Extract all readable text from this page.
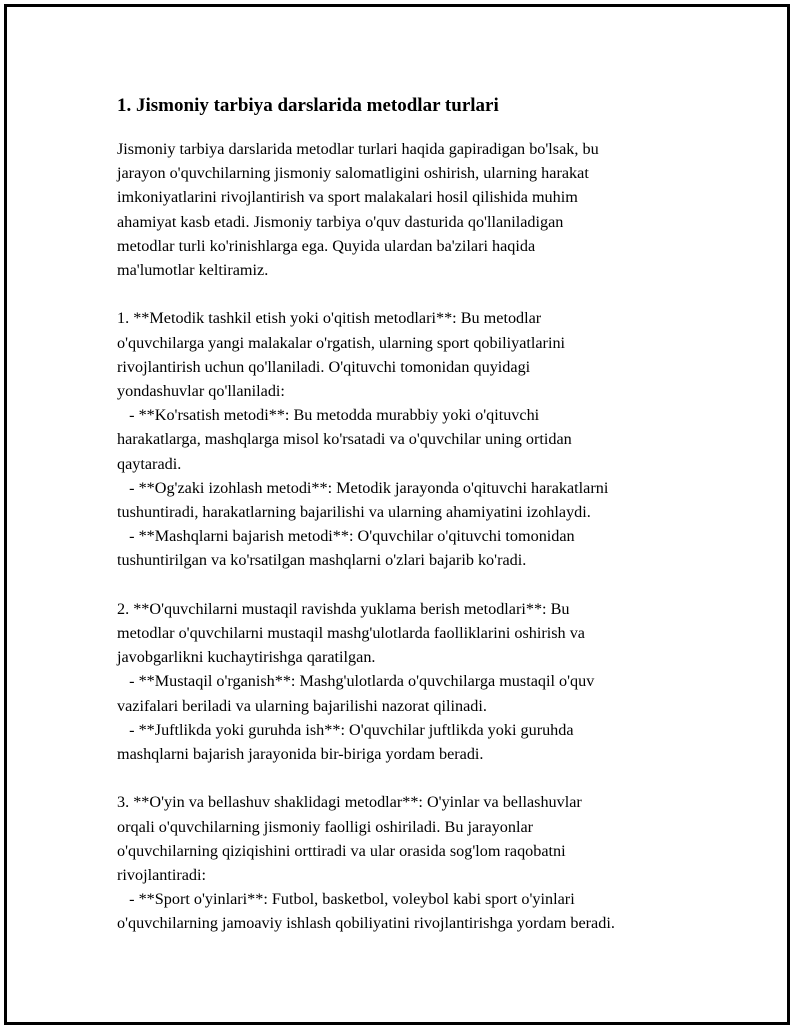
1. Jismoniy tarbiya darslarida metodlar turlari
Jismoniy tarbiya darslarida metodlar turlari haqida gapiradigan bo'lsak, bu
jarayon o'quvchilarning jismoniy salomatligini oshirish, ularning harakat
imkoniyatlarini rivojlantirish va sport malakalari hosil qilishida muhim
ahamiyat kasb etadi. Jismoniy tarbiya o'quv dasturida qo'llaniladigan
metodlar turli ko'rinishlarga ega. Quyida ulardan ba'zilari haqida
ma'lumotlar keltiramiz.
1. **Metodik tashkil etish yoki o'qitish metodlari**: Bu metodlar
o'quvchilarga yangi malakalar o'rgatish, ularning sport qobiliyatlarini
rivojlantirish uchun qo'llaniladi. O'qituvchi tomonidan quyidagi
yondashuvlar qo'llaniladi:
- **Ko'rsatish metodi**: Bu metodda murabbiy yoki o'qituvchi
harakatlarga, mashqlarga misol ko'rsatadi va o'quvchilar uning ortidan
qaytaradi.
- **Og'zaki izohlash metodi**: Metodik jarayonda o'qituvchi harakatlarni
tushuntiradi, harakatlarning bajarilishi va ularning ahamiyatini izohlaydi.
- **Mashqlarni bajarish metodi**: O'quvchilar o'qituvchi tomonidan
tushuntirilgan va ko'rsatilgan mashqlarni o'zlari bajarib ko'radi.
2. **O'quvchilarni mustaqil ravishda yuklama berish metodlari**: Bu
metodlar o'quvchilarni mustaqil mashg'ulotlarda faolliklarini oshirish va
javobgarlikni kuchaytirishga qaratilgan.
- **Mustaqil o'rganish**: Mashg'ulotlarda o'quvchilarga mustaqil o'quv
vazifalari beriladi va ularning bajarilishi nazorat qilinadi.
- **Juftlikda yoki guruhda ish**: O'quvchilar juftlikda yoki guruhda
mashqlarni bajarish jarayonida bir-biriga yordam beradi.
3. **O'yin va bellashuv shaklidagi metodlar**: O'yinlar va bellashuvlar
orqali o'quvchilarning jismoniy faolligi oshiriladi. Bu jarayonlar
o'quvchilarning qiziqishini orttiradi va ular orasida sog'lom raqobatni
rivojlantiradi:
- **Sport o'yinlari**: Futbol, basketbol, voleybol kabi sport o'yinlari
o'quvchilarning jamoaviy ishlash qobiliyatini rivojlantirishga yordam beradi.
